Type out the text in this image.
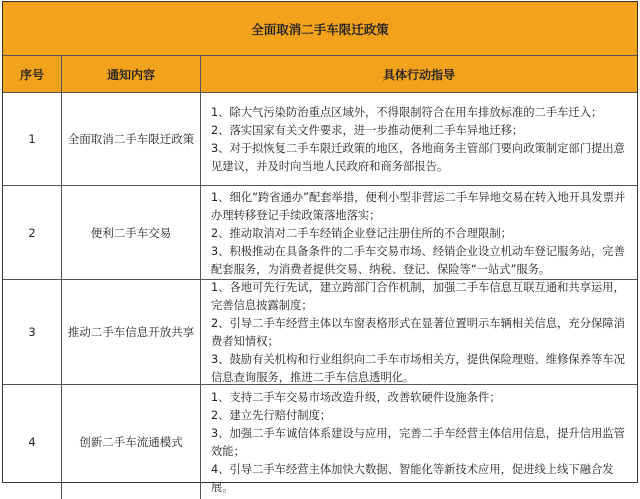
全面取消二手车限迁政策
序号	通知内容	具体行动指导
1	全面取消二手车限迁政策

1、除大气污染防治重点区域外，不得限制符合在用车排放标准的二手车迁入；

2、落实国家有关文件要求，进一步推动便利二手车异地迁移；

3、对于拟恢复二手车限迁政策的地区，各地商务主管部门要向政策制定部门提出意见建议，并及时向当地人民政府和商务部报告。

2	便利二手车交易

1、细化“跨省通办”配套举措，便利小型非营运二手车异地交易在转入地开具发票并办理转移登记手续政策落地落实；

2、推动取消对二手车经销企业登记注册住所的不合理限制；

3、积极推动在具备条件的二手车交易市场、经销企业设立机动车登记服务站，完善配套服务，为消费者提供交易、纳税、登记、保险等“一站式”服务。

3	推动二手车信息开放共享

1、各地可先行先试，建立跨部门合作机制，加强二手车信息互联互通和共享运用，完善信息披露制度；

2、引导二手车经营主体以车窗表格形式在显著位置明示车辆相关信息，充分保障消费者知情权；

3、鼓励有关机构和行业组织向二手车市场相关方，提供保险理赔、维修保养等车况信息查询服务，推进二手车信息透明化。

4	创新二手车流通模式

1、支持二手车交易市场改造升级，改善软硬件设施条件；

2、建立先行赔付制度；

3、加强二手车诚信体系建设与应用，完善二手车经营主体信用信息，提升信用监管效能；

4、引导二手车经营主体加快大数据、智能化等新技术应用，促进线上线下融合发展。
